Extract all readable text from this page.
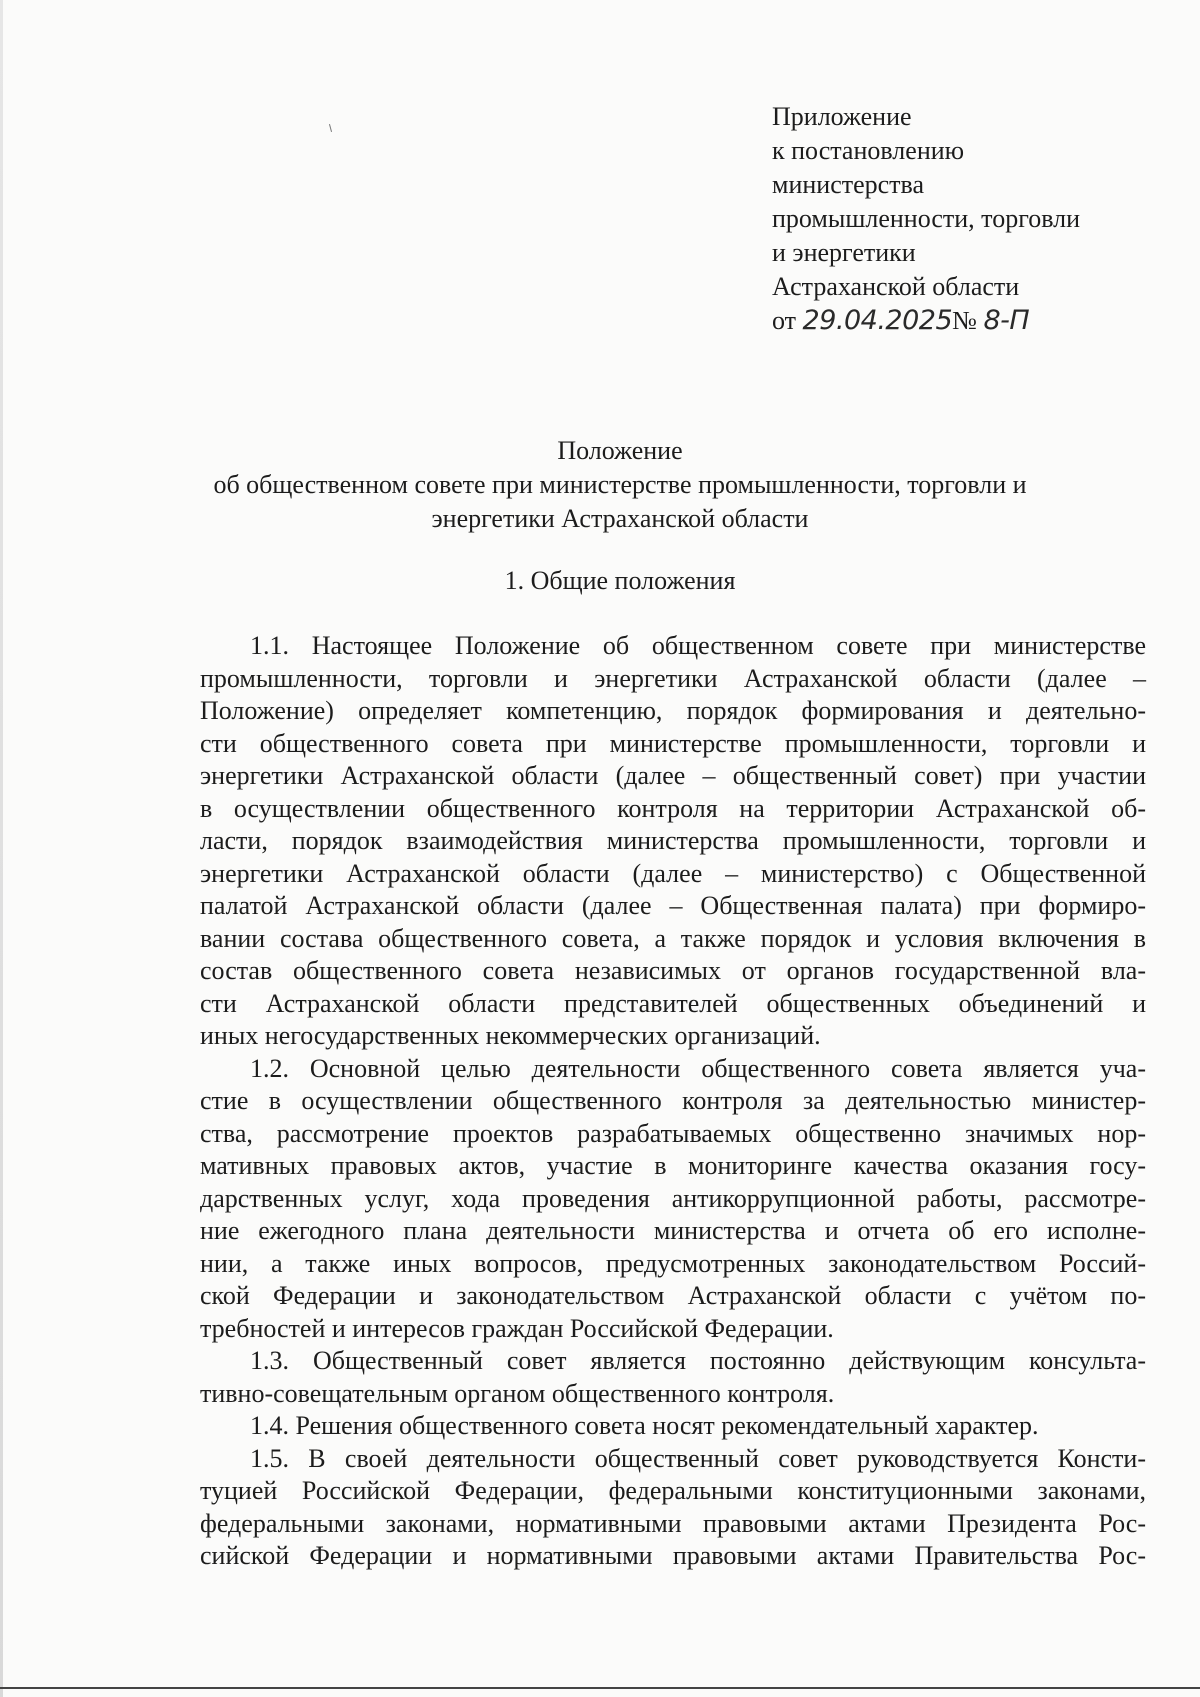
Приложение
к постановлению
министерства
промышленности, торговли
и энергетики
Астраханской области
от 29.04.2025№ 8-П
Положение
об общественном совете при министерстве промышленности, торговли и
энергетики Астраханской области
1. Общие положения
1.1. Настоящее Положение об общественном совете при министерстве
промышленности, торговли и энергетики Астраханской области (далее –
Положение) определяет компетенцию, порядок формирования и деятельно-
сти общественного совета при министерстве промышленности, торговли и
энергетики Астраханской области (далее – общественный совет) при участии
в осуществлении общественного контроля на территории Астраханской об-
ласти, порядок взаимодействия министерства промышленности, торговли и
энергетики Астраханской области (далее – министерство) с Общественной
палатой Астраханской области (далее – Общественная палата) при формиро-
вании состава общественного совета, а также порядок и условия включения в
состав общественного совета независимых от органов государственной вла-
сти Астраханской области представителей общественных объединений и
иных негосударственных некоммерческих организаций.
1.2. Основной целью деятельности общественного совета является уча-
стие в осуществлении общественного контроля за деятельностью министер-
ства, рассмотрение проектов разрабатываемых общественно значимых нор-
мативных правовых актов, участие в мониторинге качества оказания госу-
дарственных услуг, хода проведения антикоррупционной работы, рассмотре-
ние ежегодного плана деятельности министерства и отчета об его исполне-
нии, а также иных вопросов, предусмотренных законодательством Россий-
ской Федерации и законодательством Астраханской области с учётом по-
требностей и интересов граждан Российской Федерации.
1.3. Общественный совет является постоянно действующим консульта-
тивно-совещательным органом общественного контроля.
1.4. Решения общественного совета носят рекомендательный характер.
1.5. В своей деятельности общественный совет руководствуется Консти-
туцией Российской Федерации, федеральными конституционными законами,
федеральными законами, нормативными правовыми актами Президента Рос-
сийской Федерации и нормативными правовыми актами Правительства Рос-
